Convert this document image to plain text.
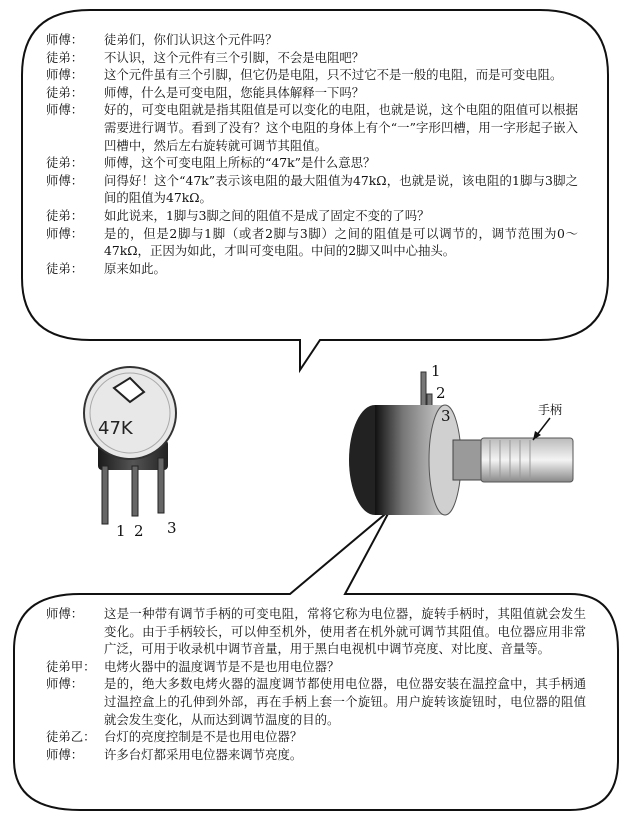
师傅： 徒弟们，你们认识这个元件吗？
徒弟： 不认识，这个元件有三个引脚，不会是电阻吧？
师傅： 这个元件虽有三个引脚，但它仍是电阻，只不过它不是一般的电阻，而是可变电阻。
徒弟： 师傅，什么是可变电阻，您能具体解释一下吗？
师傅： 好的，可变电阻就是指其阻值是可以变化的电阻，也就是说，这个电阻的阻值可以根据需要进行调节。看到了没有？这个电阻的身体上有个“一”字形凹槽，用一字形起子嵌入凹槽中，然后左右旋转就可调节其阻值。
徒弟： 师傅，这个可变电阻上所标的“47k”是什么意思？
师傅： 问得好！这个“47k”表示该电阻的最大阻值为47kΩ，也就是说，该电阻的1脚与3脚之间的阻值为47kΩ。
徒弟： 如此说来，1脚与3脚之间的阻值不是成了固定不变的了吗？
师傅： 是的，但是2脚与1脚（或者2脚与3脚）之间的阻值是可以调节的，调节范围为0～47kΩ，正因为如此，才叫可变电阻。中间的2脚又叫中心抽头。
徒弟： 原来如此。
47K
1 2 3
1
2
3	手柄
师傅： 这是一种带有调节手柄的可变电阻，常将它称为电位器，旋转手柄时，其阻值就会发生变化。由于手柄较长，可以伸至机外，使用者在机外就可调节其阻值。电位器应用非常广泛，可用于收录机中调节音量，用于黑白电视机中调节亮度、对比度、音量等。
徒弟甲： 电烤火器中的温度调节是不是也用电位器？
师傅： 是的，绝大多数电烤火器的温度调节都使用电位器，电位器安装在温控盒中，其手柄通过温控盒上的孔伸到外部，再在手柄上套一个旋钮。用户旋转该旋钮时，电位器的阻值就会发生变化，从而达到调节温度的目的。
徒弟乙： 台灯的亮度控制是不是也用电位器？
师傅： 许多台灯都采用电位器来调节亮度。
